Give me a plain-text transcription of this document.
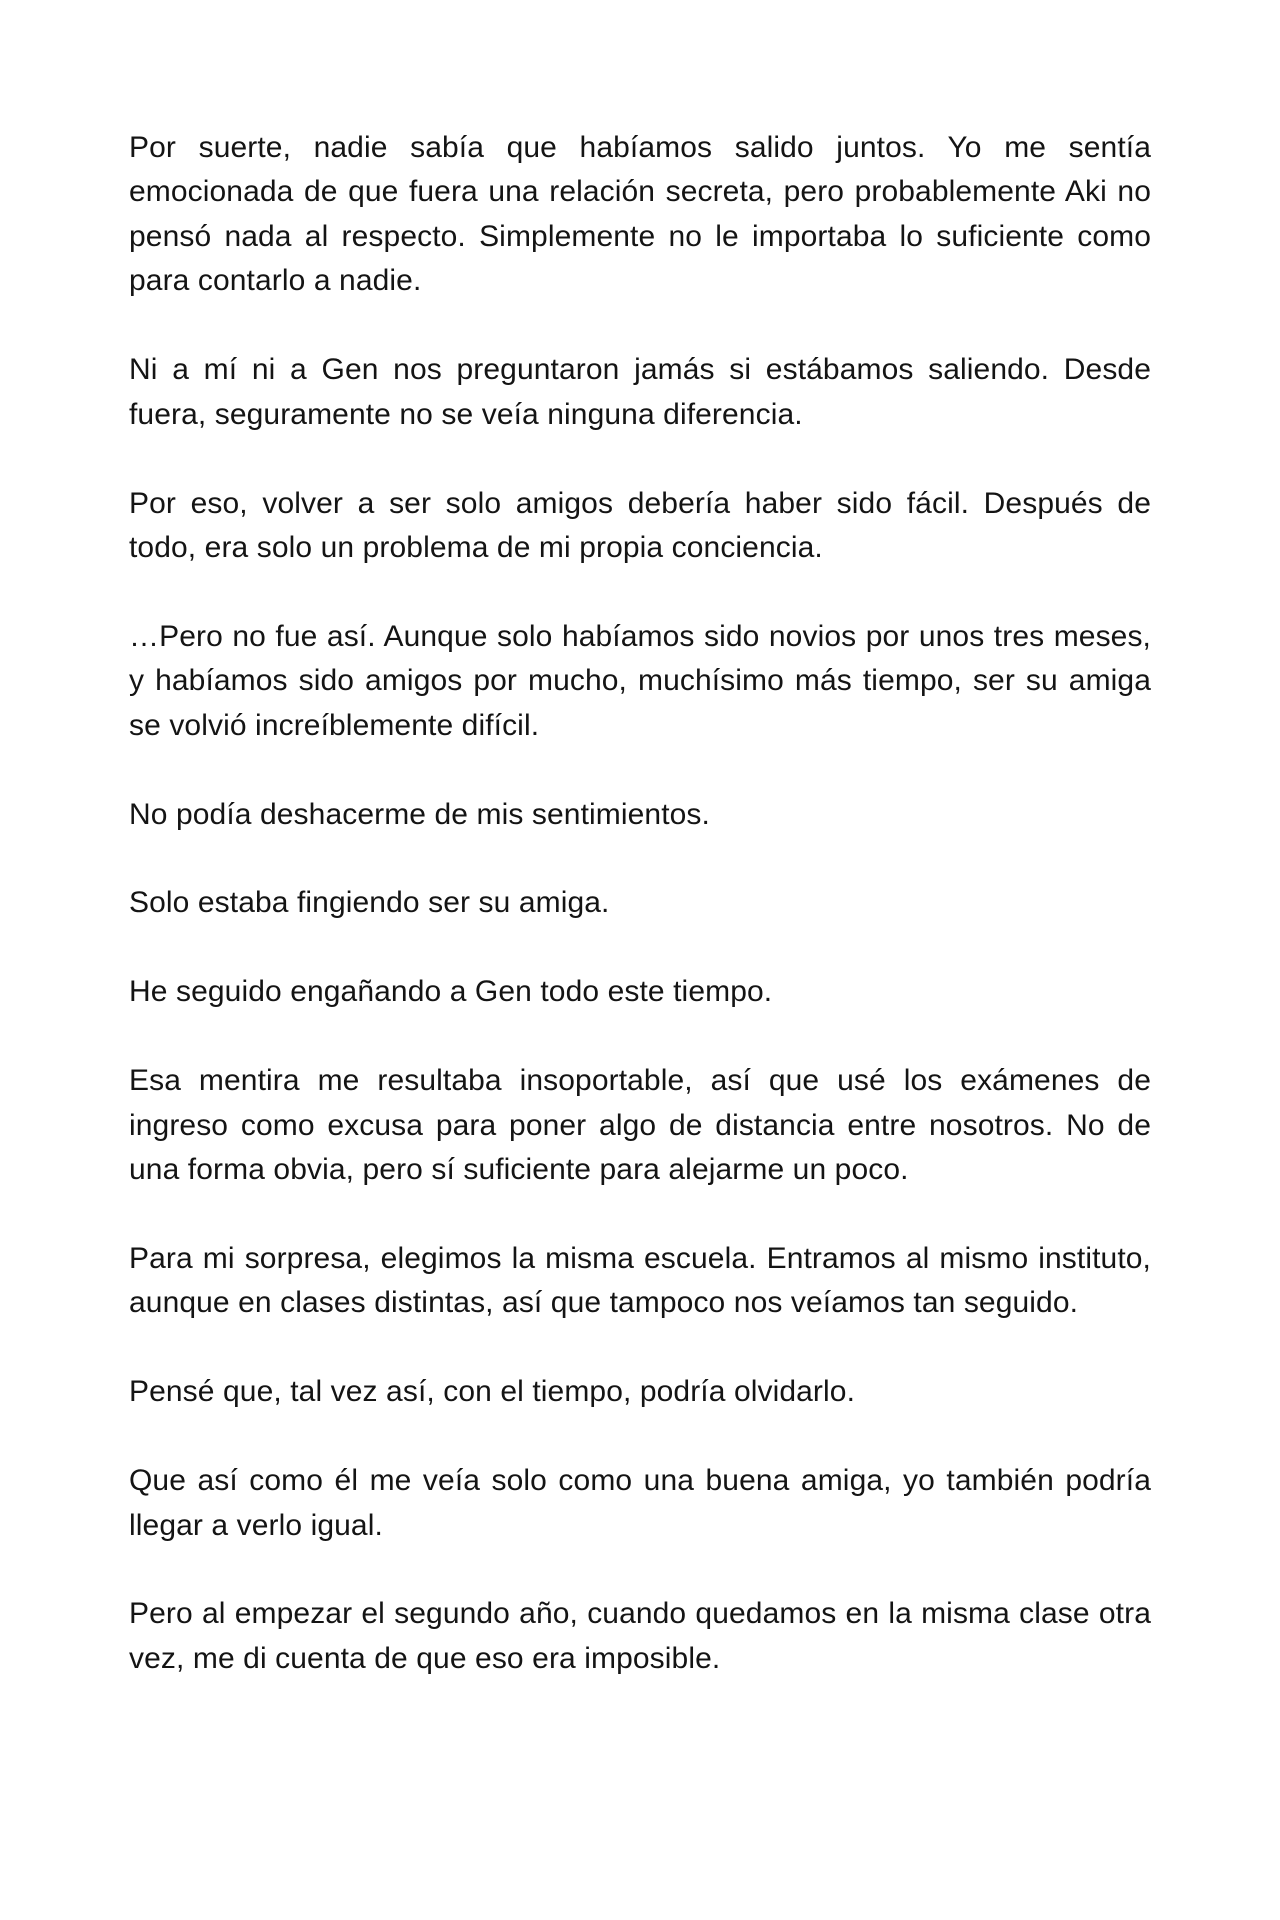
Por suerte, nadie sabía que habíamos salido juntos. Yo me sentía emocionada de que fuera una relación secreta, pero probablemente Aki no pensó nada al respecto. Simplemente no le importaba lo suficiente como para contarlo a nadie.

Ni a mí ni a Gen nos preguntaron jamás si estábamos saliendo. Desde fuera, seguramente no se veía ninguna diferencia.

Por eso, volver a ser solo amigos debería haber sido fácil. Después de todo, era solo un problema de mi propia conciencia.

…Pero no fue así. Aunque solo habíamos sido novios por unos tres meses, y habíamos sido amigos por mucho, muchísimo más tiempo, ser su amiga se volvió increíblemente difícil.

No podía deshacerme de mis sentimientos.

Solo estaba fingiendo ser su amiga.

He seguido engañando a Gen todo este tiempo.

Esa mentira me resultaba insoportable, así que usé los exámenes de ingreso como excusa para poner algo de distancia entre nosotros. No de una forma obvia, pero sí suficiente para alejarme un poco.

Para mi sorpresa, elegimos la misma escuela. Entramos al mismo instituto, aunque en clases distintas, así que tampoco nos veíamos tan seguido.

Pensé que, tal vez así, con el tiempo, podría olvidarlo.

Que así como él me veía solo como una buena amiga, yo también podría llegar a verlo igual.

Pero al empezar el segundo año, cuando quedamos en la misma clase otra vez, me di cuenta de que eso era imposible.
